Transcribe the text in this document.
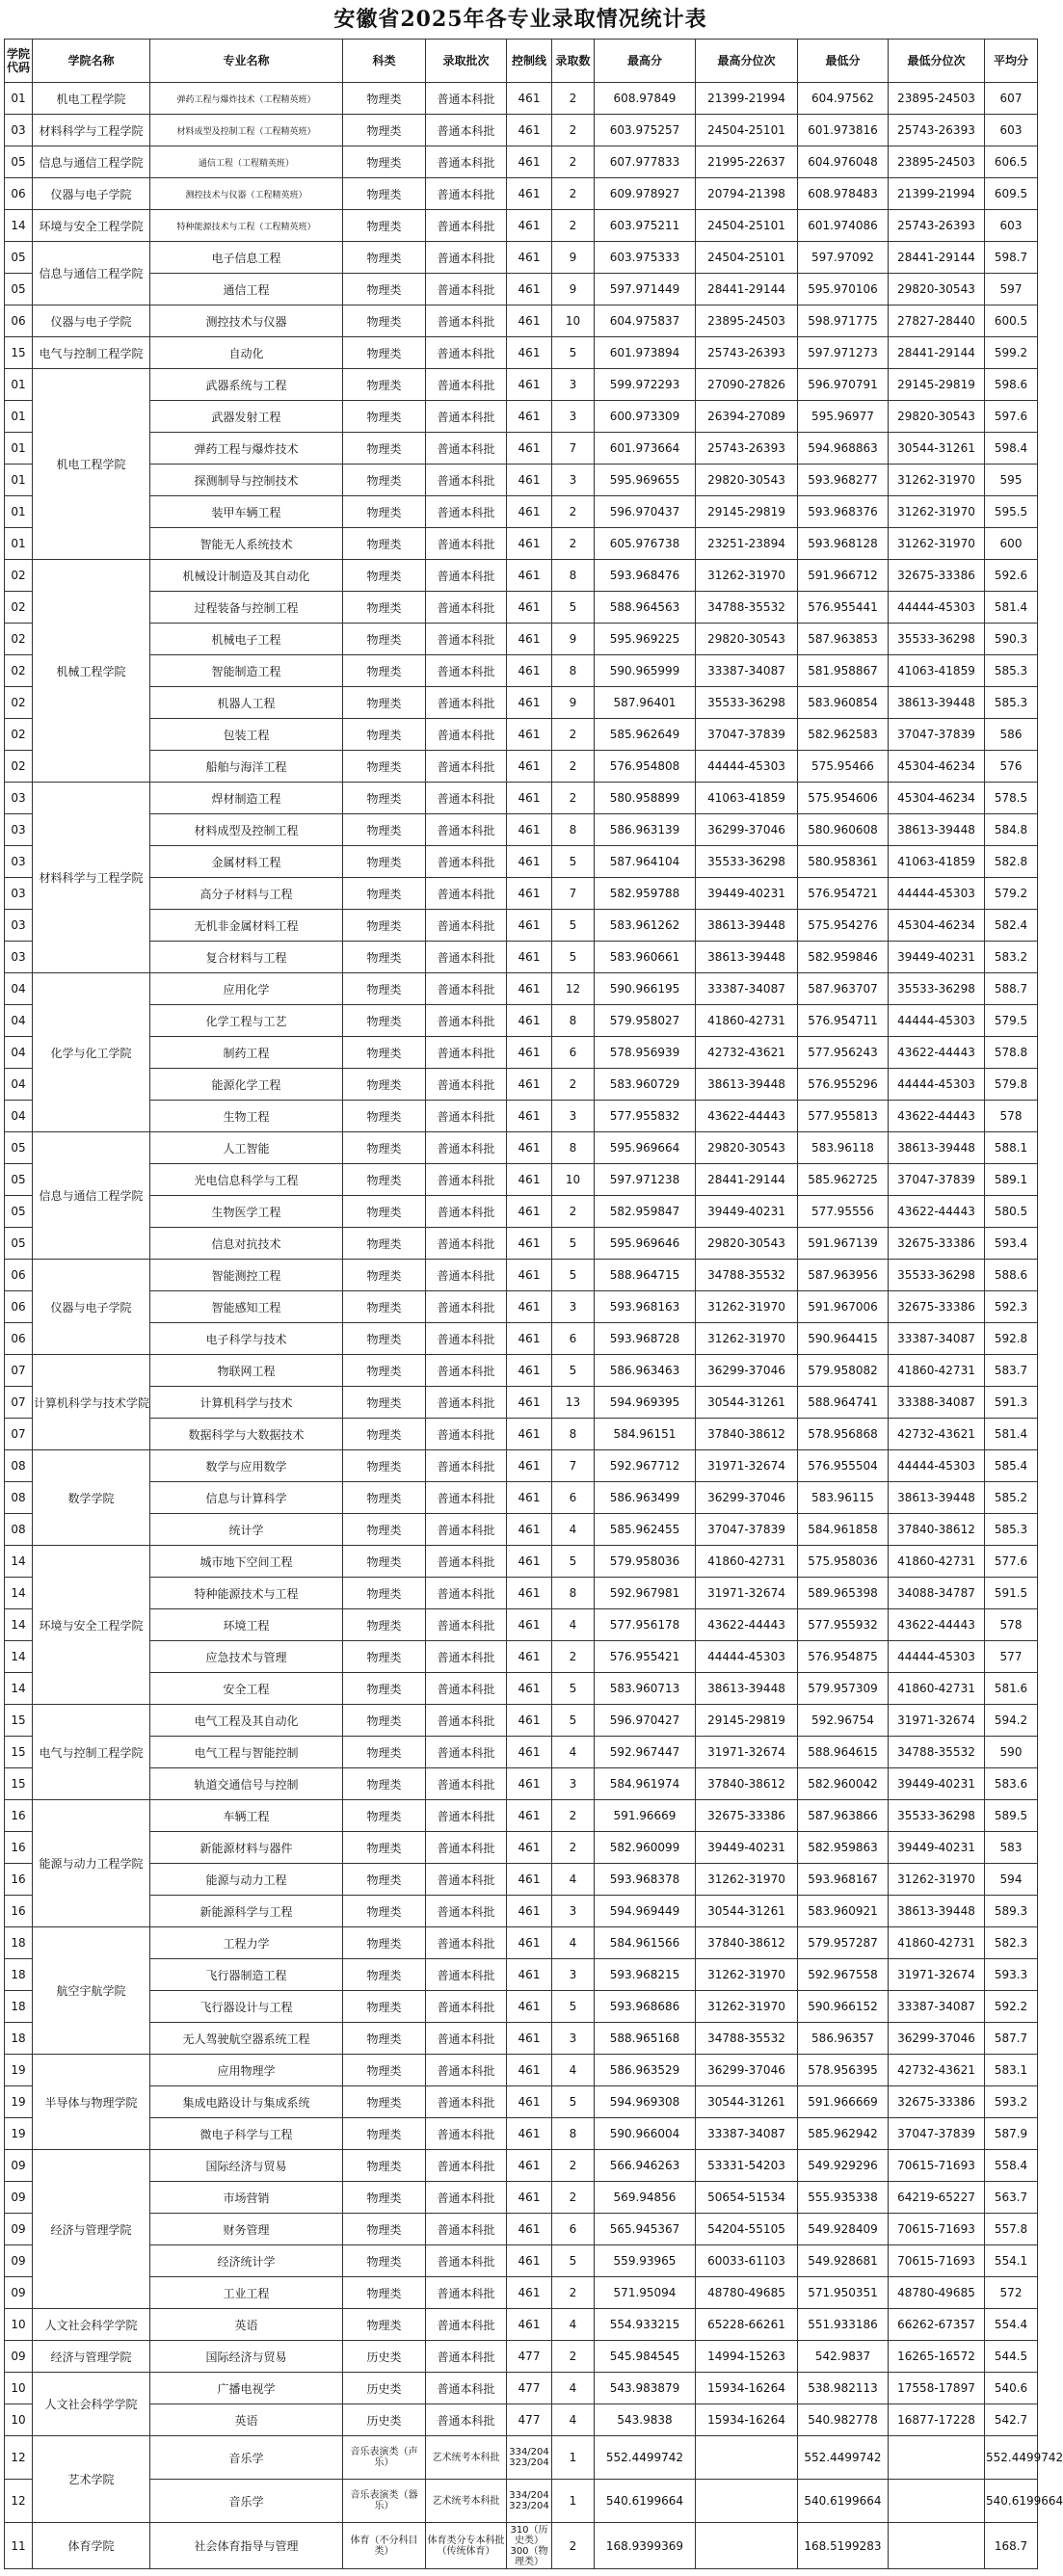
安徽省2025年各专业录取情况统计表
学院代码	学院名称	专业名称	科类	录取批次	控制线	录取数	最高分	最高分位次	最低分	最低分位次	平均分
01	机电工程学院	弹药工程与爆炸技术（工程精英班）	物理类	普通本科批	461	2	608.97849	21399-21994	604.97562	23895-24503	607
03	材料科学与工程学院	材料成型及控制工程（工程精英班）	物理类	普通本科批	461	2	603.975257	24504-25101	601.973816	25743-26393	603
05	信息与通信工程学院	通信工程（工程精英班）	物理类	普通本科批	461	2	607.977833	21995-22637	604.976048	23895-24503	606.5
06	仪器与电子学院	测控技术与仪器（工程精英班）	物理类	普通本科批	461	2	609.978927	20794-21398	608.978483	21399-21994	609.5
14	环境与安全工程学院	特种能源技术与工程（工程精英班）	物理类	普通本科批	461	2	603.975211	24504-25101	601.974086	25743-26393	603
05	信息与通信工程学院	电子信息工程	物理类	普通本科批	461	9	603.975333	24504-25101	597.97092	28441-29144	598.7
05		通信工程	物理类	普通本科批	461	9	597.971449	28441-29144	595.970106	29820-30543	597
06	仪器与电子学院	测控技术与仪器	物理类	普通本科批	461	10	604.975837	23895-24503	598.971775	27827-28440	600.5
15	电气与控制工程学院	自动化	物理类	普通本科批	461	5	601.973894	25743-26393	597.971273	28441-29144	599.2
01	机电工程学院	武器系统与工程	物理类	普通本科批	461	3	599.972293	27090-27826	596.970791	29145-29819	598.6
01		武器发射工程	物理类	普通本科批	461	3	600.973309	26394-27089	595.96977	29820-30543	597.6
01		弹药工程与爆炸技术	物理类	普通本科批	461	7	601.973664	25743-26393	594.968863	30544-31261	598.4
01		探测制导与控制技术	物理类	普通本科批	461	3	595.969655	29820-30543	593.968277	31262-31970	595
01		装甲车辆工程	物理类	普通本科批	461	2	596.970437	29145-29819	593.968376	31262-31970	595.5
01		智能无人系统技术	物理类	普通本科批	461	2	605.976738	23251-23894	593.968128	31262-31970	600
02	机械工程学院	机械设计制造及其自动化	物理类	普通本科批	461	8	593.968476	31262-31970	591.966712	32675-33386	592.6
02		过程装备与控制工程	物理类	普通本科批	461	5	588.964563	34788-35532	576.955441	44444-45303	581.4
02		机械电子工程	物理类	普通本科批	461	9	595.969225	29820-30543	587.963853	35533-36298	590.3
02		智能制造工程	物理类	普通本科批	461	8	590.965999	33387-34087	581.958867	41063-41859	585.3
02		机器人工程	物理类	普通本科批	461	9	587.96401	35533-36298	583.960854	38613-39448	585.3
02		包装工程	物理类	普通本科批	461	2	585.962649	37047-37839	582.962583	37047-37839	586
02		船舶与海洋工程	物理类	普通本科批	461	2	576.954808	44444-45303	575.95466	45304-46234	576
03	材料科学与工程学院	焊材制造工程	物理类	普通本科批	461	2	580.958899	41063-41859	575.954606	45304-46234	578.5
03		材料成型及控制工程	物理类	普通本科批	461	8	586.963139	36299-37046	580.960608	38613-39448	584.8
03		金属材料工程	物理类	普通本科批	461	5	587.964104	35533-36298	580.958361	41063-41859	582.8
03		高分子材料与工程	物理类	普通本科批	461	7	582.959788	39449-40231	576.954721	44444-45303	579.2
03		无机非金属材料工程	物理类	普通本科批	461	5	583.961262	38613-39448	575.954276	45304-46234	582.4
03		复合材料与工程	物理类	普通本科批	461	5	583.960661	38613-39448	582.959846	39449-40231	583.2
04	化学与化工学院	应用化学	物理类	普通本科批	461	12	590.966195	33387-34087	587.963707	35533-36298	588.7
04		化学工程与工艺	物理类	普通本科批	461	8	579.958027	41860-42731	576.954711	44444-45303	579.5
04		制药工程	物理类	普通本科批	461	6	578.956939	42732-43621	577.956243	43622-44443	578.8
04		能源化学工程	物理类	普通本科批	461	2	583.960729	38613-39448	576.955296	44444-45303	579.8
04		生物工程	物理类	普通本科批	461	3	577.955832	43622-44443	577.955813	43622-44443	578
05	信息与通信工程学院	人工智能	物理类	普通本科批	461	8	595.969664	29820-30543	583.96118	38613-39448	588.1
05		光电信息科学与工程	物理类	普通本科批	461	10	597.971238	28441-29144	585.962725	37047-37839	589.1
05		生物医学工程	物理类	普通本科批	461	2	582.959847	39449-40231	577.95556	43622-44443	580.5
05		信息对抗技术	物理类	普通本科批	461	5	595.969646	29820-30543	591.967139	32675-33386	593.4
06	仪器与电子学院	智能测控工程	物理类	普通本科批	461	5	588.964715	34788-35532	587.963956	35533-36298	588.6
06		智能感知工程	物理类	普通本科批	461	3	593.968163	31262-31970	591.967006	32675-33386	592.3
06		电子科学与技术	物理类	普通本科批	461	6	593.968728	31262-31970	590.964415	33387-34087	592.8
07	计算机科学与技术学院	物联网工程	物理类	普通本科批	461	5	586.963463	36299-37046	579.958082	41860-42731	583.7
07		计算机科学与技术	物理类	普通本科批	461	13	594.969395	30544-31261	588.964741	33388-34087	591.3
07		数据科学与大数据技术	物理类	普通本科批	461	8	584.96151	37840-38612	578.956868	42732-43621	581.4
08	数学学院	数学与应用数学	物理类	普通本科批	461	7	592.967712	31971-32674	576.955504	44444-45303	585.4
08		信息与计算科学	物理类	普通本科批	461	6	586.963499	36299-37046	583.96115	38613-39448	585.2
08		统计学	物理类	普通本科批	461	4	585.962455	37047-37839	584.961858	37840-38612	585.3
14	环境与安全工程学院	城市地下空间工程	物理类	普通本科批	461	5	579.958036	41860-42731	575.958036	41860-42731	577.6
14		特种能源技术与工程	物理类	普通本科批	461	8	592.967981	31971-32674	589.965398	34088-34787	591.5
14		环境工程	物理类	普通本科批	461	4	577.956178	43622-44443	577.955932	43622-44443	578
14		应急技术与管理	物理类	普通本科批	461	2	576.955421	44444-45303	576.954875	44444-45303	577
14		安全工程	物理类	普通本科批	461	5	583.960713	38613-39448	579.957309	41860-42731	581.6
15	电气与控制工程学院	电气工程及其自动化	物理类	普通本科批	461	5	596.970427	29145-29819	592.96754	31971-32674	594.2
15		电气工程与智能控制	物理类	普通本科批	461	4	592.967447	31971-32674	588.964615	34788-35532	590
15		轨道交通信号与控制	物理类	普通本科批	461	3	584.961974	37840-38612	582.960042	39449-40231	583.6
16	能源与动力工程学院	车辆工程	物理类	普通本科批	461	2	591.96669	32675-33386	587.963866	35533-36298	589.5
16		新能源材料与器件	物理类	普通本科批	461	2	582.960099	39449-40231	582.959863	39449-40231	583
16		能源与动力工程	物理类	普通本科批	461	4	593.968378	31262-31970	593.968167	31262-31970	594
16		新能源科学与工程	物理类	普通本科批	461	3	594.969449	30544-31261	583.960921	38613-39448	589.3
18	航空宇航学院	工程力学	物理类	普通本科批	461	4	584.961566	37840-38612	579.957287	41860-42731	582.3
18		飞行器制造工程	物理类	普通本科批	461	3	593.968215	31262-31970	592.967558	31971-32674	593.3
18		飞行器设计与工程	物理类	普通本科批	461	5	593.968686	31262-31970	590.966152	33387-34087	592.2
18		无人驾驶航空器系统工程	物理类	普通本科批	461	3	588.965168	34788-35532	586.96357	36299-37046	587.7
19	半导体与物理学院	应用物理学	物理类	普通本科批	461	4	586.963529	36299-37046	578.956395	42732-43621	583.1
19		集成电路设计与集成系统	物理类	普通本科批	461	5	594.969308	30544-31261	591.966669	32675-33386	593.2
19		微电子科学与工程	物理类	普通本科批	461	8	590.966004	33387-34087	585.962942	37047-37839	587.9
09	经济与管理学院	国际经济与贸易	物理类	普通本科批	461	2	566.946263	53331-54203	549.929296	70615-71693	558.4
09		市场营销	物理类	普通本科批	461	2	569.94856	50654-51534	555.935338	64219-65227	563.7
09		财务管理	物理类	普通本科批	461	6	565.945367	54204-55105	549.928409	70615-71693	557.8
09		经济统计学	物理类	普通本科批	461	5	559.93965	60033-61103	549.928681	70615-71693	554.1
09		工业工程	物理类	普通本科批	461	2	571.95094	48780-49685	571.950351	48780-49685	572
10	人文社会科学学院	英语	物理类	普通本科批	461	4	554.933215	65228-66261	551.933186	66262-67357	554.4
09	经济与管理学院	国际经济与贸易	历史类	普通本科批	477	2	545.984545	14994-15263	542.9837	16265-16572	544.5
10	人文社会科学学院	广播电视学	历史类	普通本科批	477	4	543.983879	15934-16264	538.982113	17558-17897	540.6
10		英语	历史类	普通本科批	477	4	543.9838	15934-16264	540.982778	16877-17228	542.7
12	艺术学院	音乐学	音乐表演类（声乐）	艺术统考本科批	334/204 323/204	1	552.4499742		552.4499742		552.4499742
12		音乐学	音乐表演类（器乐）	艺术统考本科批	334/204 323/204	1	540.6199664		540.6199664		540.6199664
11	体育学院	社会体育指导与管理	体育（不分科目类）	体育类分专本科批（传统体育）	310（历史类） 300（物理类）	2	168.9399369		168.5199283		168.7
